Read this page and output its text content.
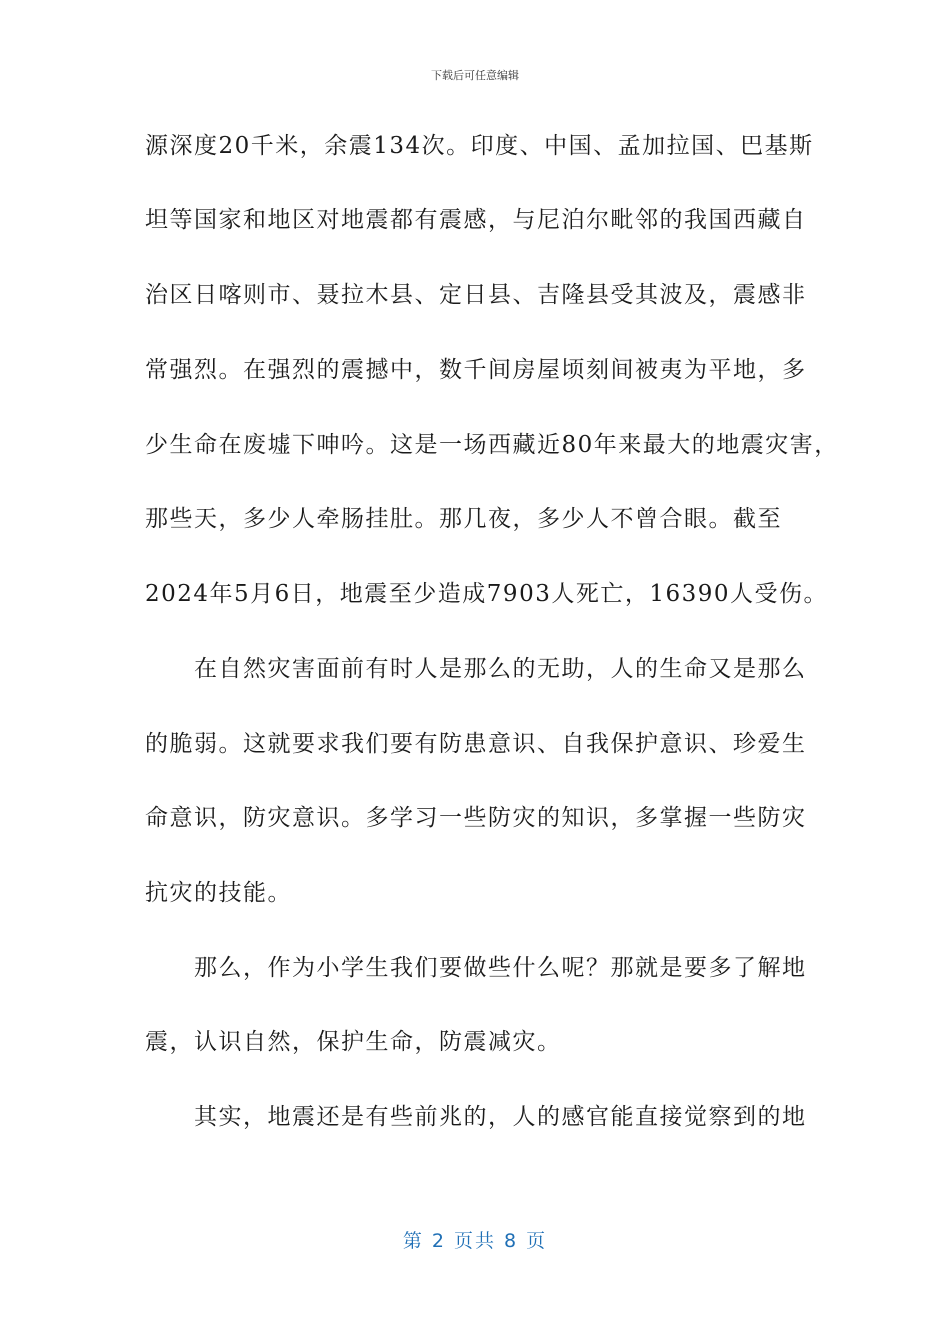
下载后可任意编辑
源深度20千米，余震134次。印度、中国、孟加拉国、巴基斯
坦等国家和地区对地震都有震感，与尼泊尔毗邻的我国西藏自
治区日喀则市、聂拉木县、定日县、吉隆县受其波及，震感非
常强烈。在强烈的震撼中，数千间房屋顷刻间被夷为平地，多
少生命在废墟下呻吟。这是一场西藏近80年来最大的地震灾害，
那些天，多少人牵肠挂肚。那几夜，多少人不曾合眼。截至
2024年5月6日，地震至少造成7903人死亡，16390人受伤。
　　在自然灾害面前有时人是那么的无助，人的生命又是那么
的脆弱。这就要求我们要有防患意识、自我保护意识、珍爱生
命意识，防灾意识。多学习一些防灾的知识，多掌握一些防灾
抗灾的技能。
　　那么，作为小学生我们要做些什么呢？那就是要多了解地
震，认识自然，保护生命，防震减灾。
　　其实，地震还是有些前兆的，人的感官能直接觉察到的地
第 2 页共 8 页
